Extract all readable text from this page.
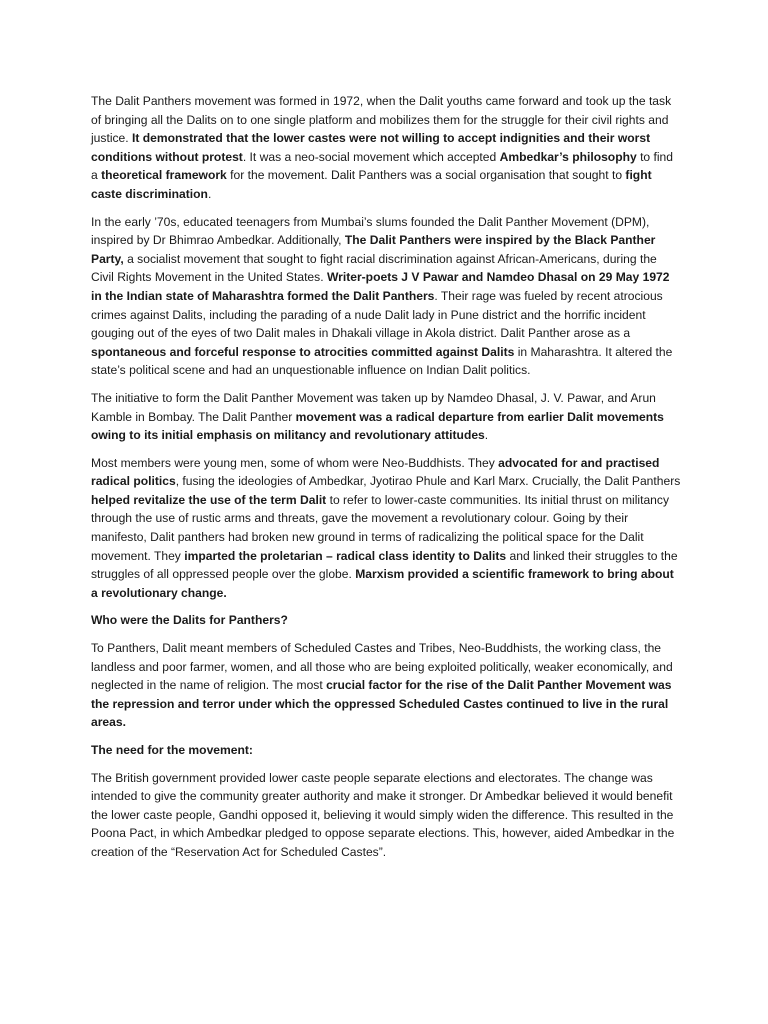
The Dalit Panthers movement was formed in 1972, when the Dalit youths came forward and took up the task of bringing all the Dalits on to one single platform and mobilizes them for the struggle for their civil rights and justice. It demonstrated that the lower castes were not willing to accept indignities and their worst conditions without protest. It was a neo-social movement which accepted Ambedkar’s philosophy to find a theoretical framework for the movement. Dalit Panthers was a social organisation that sought to fight caste discrimination.

In the early ’70s, educated teenagers from Mumbai’s slums founded the Dalit Panther Movement (DPM), inspired by Dr Bhimrao Ambedkar. Additionally, The Dalit Panthers were inspired by the Black Panther Party, a socialist movement that sought to fight racial discrimination against African-Americans, during the Civil Rights Movement in the United States. Writer-poets J V Pawar and Namdeo Dhasal on 29 May 1972 in the Indian state of Maharashtra formed the Dalit Panthers. Their rage was fueled by recent atrocious crimes against Dalits, including the parading of a nude Dalit lady in Pune district and the horrific incident gouging out of the eyes of two Dalit males in Dhakali village in Akola district. Dalit Panther arose as a spontaneous and forceful response to atrocities committed against Dalits in Maharashtra. It altered the state’s political scene and had an unquestionable influence on Indian Dalit politics.

The initiative to form the Dalit Panther Movement was taken up by Namdeo Dhasal, J. V. Pawar, and Arun Kamble in Bombay. The Dalit Panther movement was a radical departure from earlier Dalit movements owing to its initial emphasis on militancy and revolutionary attitudes.

Most members were young men, some of whom were Neo-Buddhists. They advocated for and practised radical politics, fusing the ideologies of Ambedkar, Jyotirao Phule and Karl Marx. Crucially, the Dalit Panthers helped revitalize the use of the term Dalit to refer to lower-caste communities. Its initial thrust on militancy through the use of rustic arms and threats, gave the movement a revolutionary colour. Going by their manifesto, Dalit panthers had broken new ground in terms of radicalizing the political space for the Dalit movement. They imparted the proletarian – radical class identity to Dalits and linked their struggles to the struggles of all oppressed people over the globe. Marxism provided a scientific framework to bring about a revolutionary change.

Who were the Dalits for Panthers?

To Panthers, Dalit meant members of Scheduled Castes and Tribes, Neo-Buddhists, the working class, the landless and poor farmer, women, and all those who are being exploited politically, weaker economically, and neglected in the name of religion. The most crucial factor for the rise of the Dalit Panther Movement was the repression and terror under which the oppressed Scheduled Castes continued to live in the rural areas.

The need for the movement:

The British government provided lower caste people separate elections and electorates. The change was intended to give the community greater authority and make it stronger. Dr Ambedkar believed it would benefit the lower caste people, Gandhi opposed it, believing it would simply widen the difference. This resulted in the Poona Pact, in which Ambedkar pledged to oppose separate elections. This, however, aided Ambedkar in the creation of the “Reservation Act for Scheduled Castes”.
